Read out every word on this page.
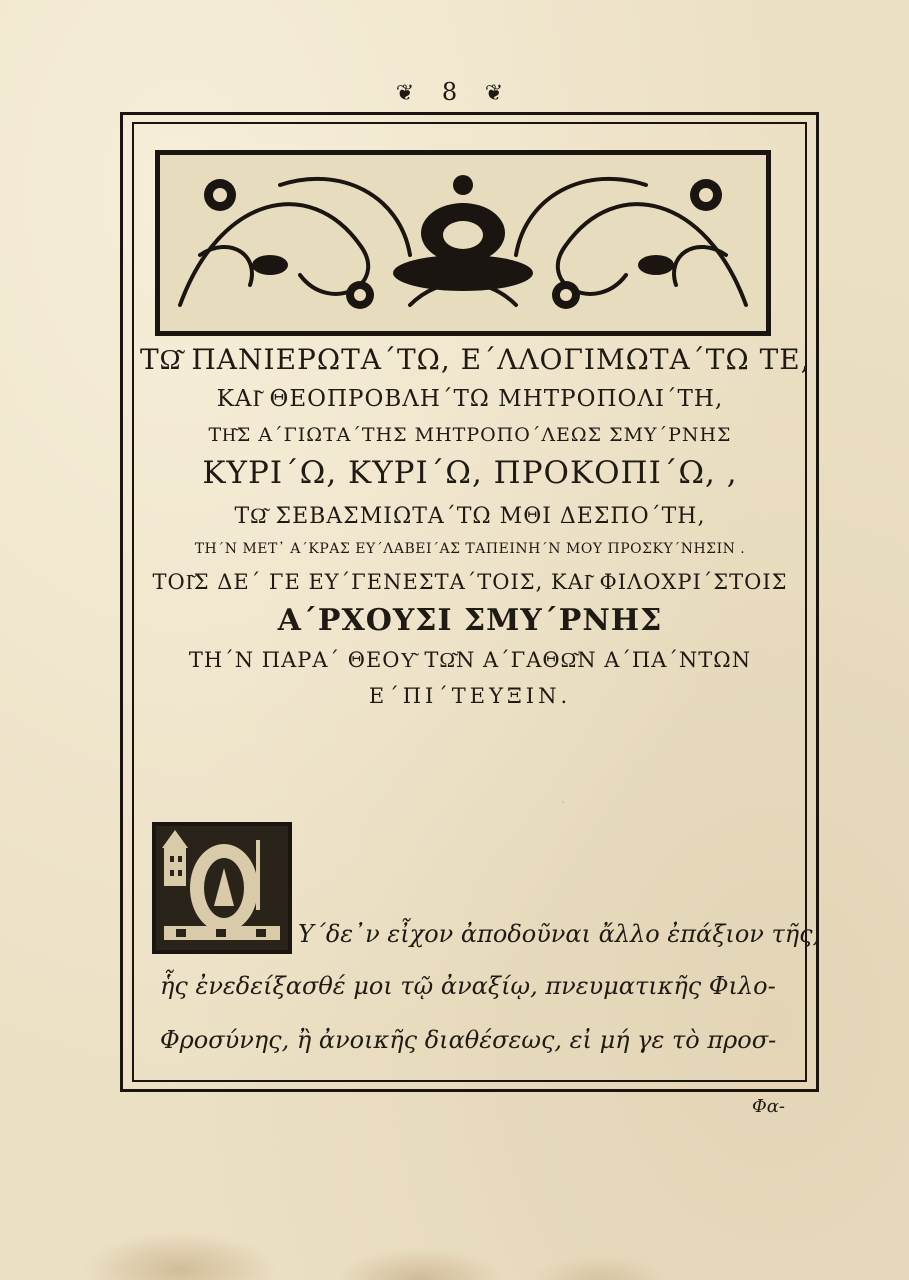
·
❦ 8 ❦
ΤΩ͂ ΠΑΝΙΕΡΩΤΑ΄ΤΩ, Ε΄ΛΛΟΓΙΜΩΤΑ΄ΤΩ ΤΕ,
ΚΑΙ͂ ΘΕΟΠΡΟΒΛΗ΄ΤΩ ΜΗΤΡΟΠΟΛΙ΄ΤΗ,
ΤΗ͂Σ Α΄ΓΙΩΤΑ΄ΤΗΣ ΜΗΤΡΟΠΟ΄ΛΕΩΣ ΣΜΥ΄ΡΝΗΣ
ΚΥΡΙ΄Ω, ΚΥΡΙ΄Ω, ΠΡΟΚΟΠΙ΄Ω, ,
ΤΩ͂ ΣΕΒΑΣΜΙΩΤΑ΄ΤΩ ΜΘΙ ΔΕΣΠΟ΄ΤΗ,
ΤΗ΄Ν ΜΕΤ᾽ Α΄ΚΡΑΣ ΕΥ΄ΛΑΒΕΙ΄ΑΣ ΤΑΠΕΙΝΗ΄Ν ΜΟΥ ΠΡΟΣΚΥ΄ΝΗΣΙΝ .
ΤΟΙ͂Σ ΔΕ΄ ΓΕ ΕΥ΄ΓΕΝΕΣΤΑ΄ΤΟΙΣ, ΚΑΙ͂ ΦΙΛΟΧΡΙ΄ΣΤΟΙΣ
Α΄ΡΧΟΥΣΙ ΣΜΥ΄ΡΝΗΣ
ΤΗ΄Ν ΠΑΡΑ΄ ΘΕΟΥ͂ ΤΩ͂Ν Α΄ΓΑΘΩ͂Ν Α΄ΠΑ΄ΝΤΩΝ
Ε΄ΠΙ΄ΤΕΥΞΙΝ.
Υ΄δε᾽ν εἶχον ἀποδοῦναι ἄλλο ἐπάξιον τῆς,
ἧς ἐνεδείξασθέ μοι τῷ ἀναξίῳ, πνευματικῆς Φιλο-
Φροσύνης, ἢ ἀνοικῆς διαθέσεως, εἰ μή γε τὸ προσ-
Φα-
